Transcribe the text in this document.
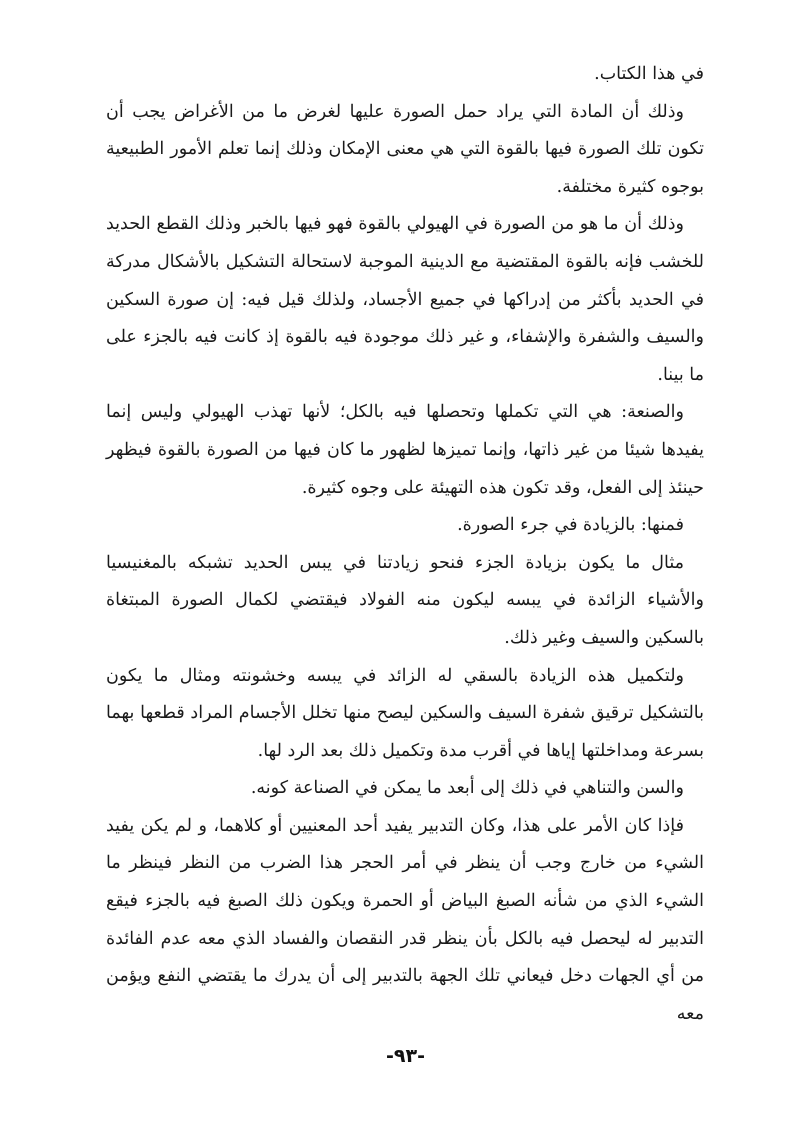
في هذا الكتاب.

وذلك أن المادة التي يراد حمل الصورة عليها لغرض ما من الأغراض يجب أن تكون تلك الصورة فيها بالقوة التي هي معنى الإمكان وذلك إنما تعلم الأمور الطبيعية بوجوه كثيرة مختلفة.

وذلك أن ما هو من الصورة في الهيولي بالقوة فهو فيها بالخبر وذلك القطع الحديد للخشب فإنه بالقوة المقتضية مع الدينية الموجبة لاستحالة التشكيل بالأشكال مدركة في الحديد بأكثر من إدراكها في جميع الأجساد، ولذلك قيل فيه: إن صورة السكين والسيف والشفرة والإشفاء، و غير ذلك موجودة فيه بالقوة إذ كانت فيه بالجزء على ما بينا.

والصنعة: هي التي تكملها وتحصلها فيه بالكل؛ لأنها تهذب الهيولي وليس إنما يفيدها شيئا من غير ذاتها، وإنما تميزها لظهور ما كان فيها من الصورة بالقوة فيظهر حينئذ إلى الفعل، وقد تكون هذه التهيئة على وجوه كثيرة.

فمنها: بالزيادة في جرء الصورة.

مثال ما يكون بزيادة الجزء فنحو زيادتنا في يبس الحديد تشبكه بالمغنيسيا والأشياء الزائدة في يبسه ليكون منه الفولاد فيقتضي لكمال الصورة المبتغاة بالسكين والسيف وغير ذلك.

ولتكميل هذه الزيادة بالسقي له الزائد في يبسه وخشونته ومثال ما يكون بالتشكيل ترقيق شفرة السيف والسكين ليصح منها تخلل الأجسام المراد قطعها بهما بسرعة ومداخلتها إياها في أقرب مدة وتكميل ذلك بعد الرد لها.

والسن والتناهي في ذلك إلى أبعد ما يمكن في الصناعة كونه.

فإذا كان الأمر على هذا، وكان التدبير يفيد أحد المعنيين أو كلاهما، و لم يكن يفيد الشيء من خارج وجب أن ينظر في أمر الحجر هذا الضرب من النظر فينظر ما الشيء الذي من شأنه الصبغ البياض أو الحمرة ويكون ذلك الصبغ فيه بالجزء فيقع التدبير له ليحصل فيه بالكل بأن ينظر قدر النقصان والفساد الذي معه عدم الفائدة من أي الجهات دخل فيعاني تلك الجهة بالتدبير إلى أن يدرك ما يقتضي النفع ويؤمن معه

-٩٣-
